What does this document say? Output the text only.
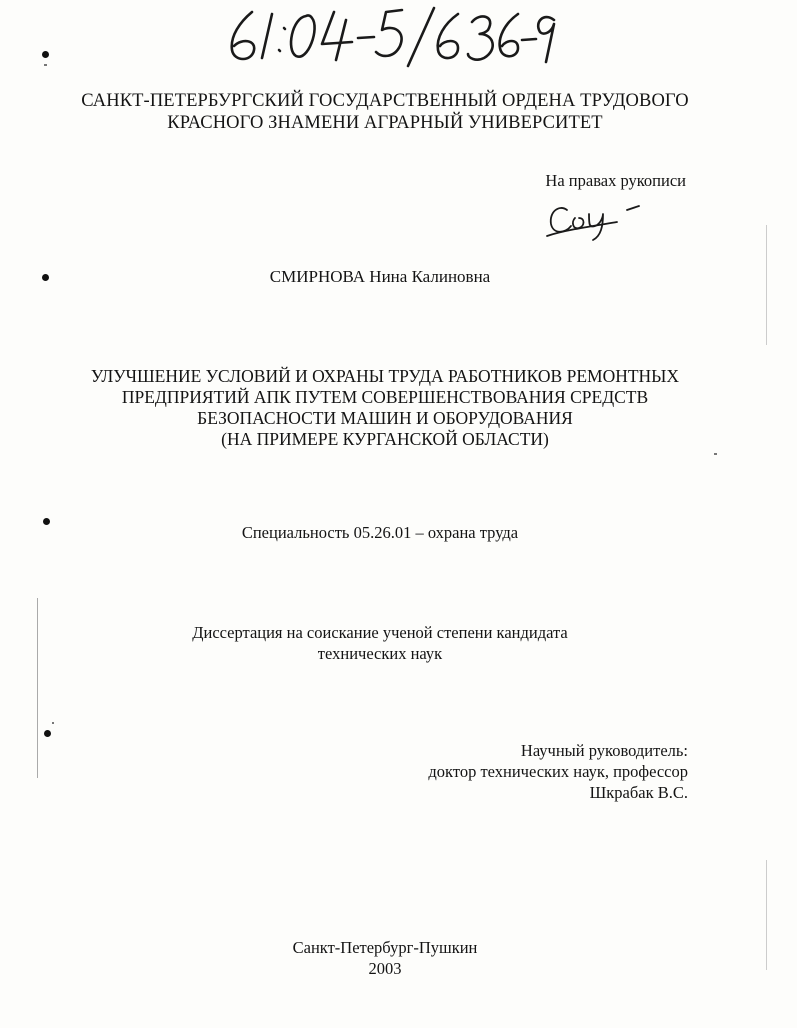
САНКТ-ПЕТЕРБУРГСКИЙ ГОСУДАРСТВЕННЫЙ ОРДЕНА ТРУДОВОГО
КРАСНОГО ЗНАМЕНИ АГРАРНЫЙ УНИВЕРСИТЕТ
На правах рукописи
СМИРНОВА Нина Калиновна
УЛУЧШЕНИЕ УСЛОВИЙ И ОХРАНЫ ТРУДА РАБОТНИКОВ РЕМОНТНЫХ
ПРЕДПРИЯТИЙ АПК ПУТЕМ СОВЕРШЕНСТВОВАНИЯ СРЕДСТВ
БЕЗОПАСНОСТИ МАШИН И ОБОРУДОВАНИЯ
(НА ПРИМЕРЕ КУРГАНСКОЙ ОБЛАСТИ)
Специальность 05.26.01 – охрана труда
Диссертация на соискание ученой степени кандидата
технических наук
Научный руководитель:
доктор технических наук, профессор
Шкрабак В.С.
Санкт-Петербург-Пушкин
2003
